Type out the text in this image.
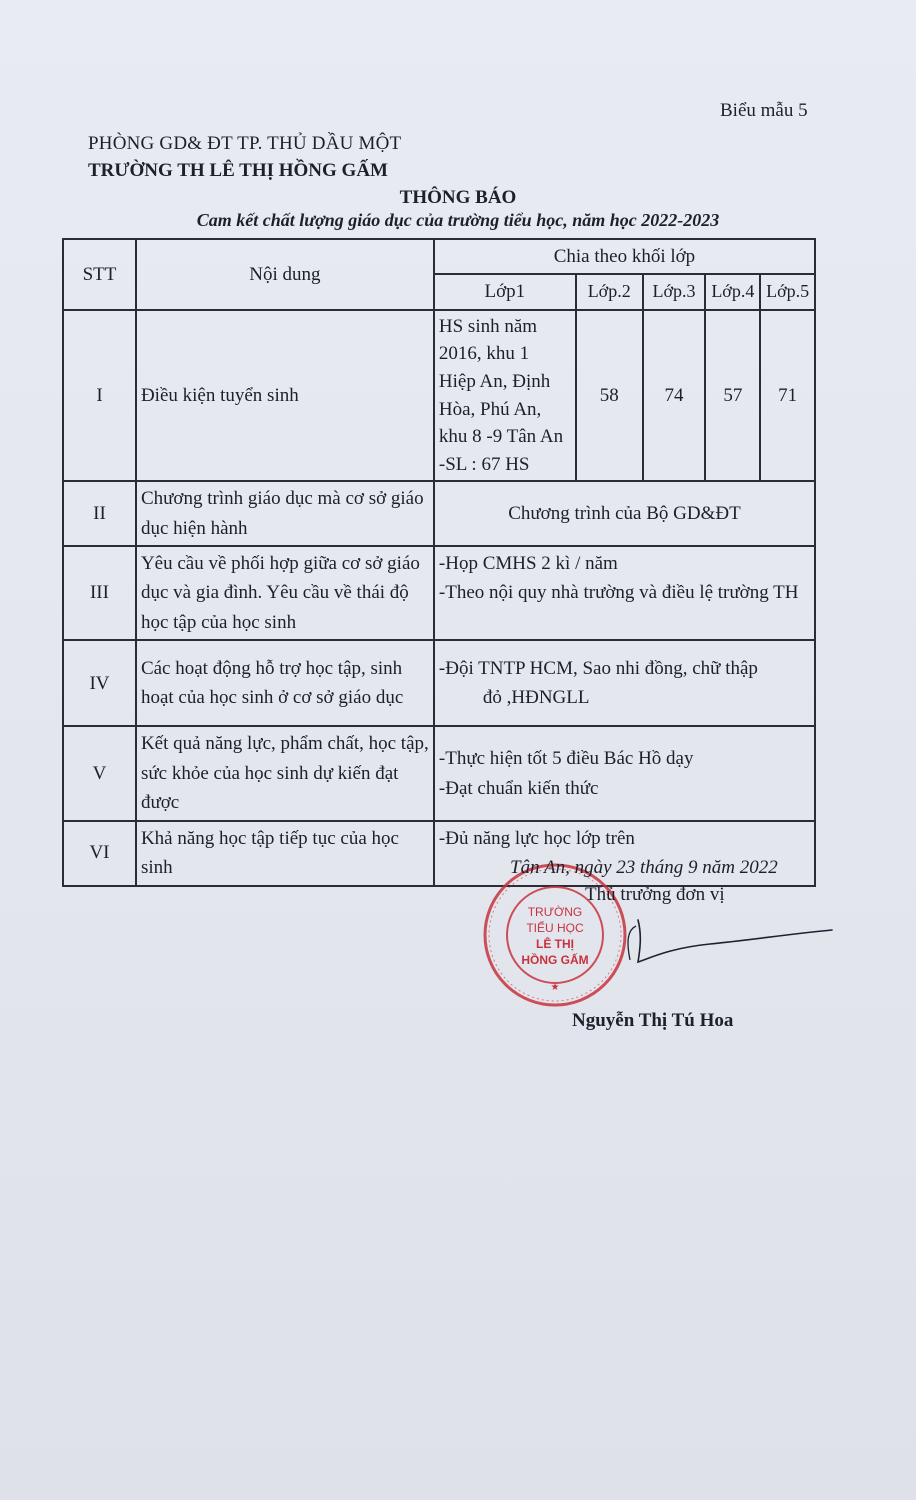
Biểu mẫu 5
PHÒNG GD& ĐT TP. THỦ DẦU MỘT
TRƯỜNG TH LÊ THỊ HỒNG GẤM
THÔNG BÁO
Cam kết chất lượng giáo dục của trường tiểu học, năm học 2022-2023
STT	Nội dung	Chia theo khối lớp				
		Lớp1	Lớp.2	Lớp.3	Lớp.4	Lớp.5
I	Điều kiện tuyển sinh	HS sinh năm 2016, khu 1 Hiệp An, Định Hòa, Phú An, khu 8 -9 Tân An -SL : 67 HS	58	74	57	71
II	Chương trình giáo dục mà cơ sở giáo dục hiện hành	Chương trình của Bộ GD&ĐT				
III	Yêu cầu về phối hợp giữa cơ sở giáo dục và gia đình. Yêu cầu về thái độ học tập của học sinh	-Họp CMHS 2 kì / năm
-Theo nội quy nhà trường và điều lệ trường TH				

IV	Các hoạt động hỗ trợ học tập, sinh hoạt của học sinh ở cơ sở giáo dục	-Đội TNTP HCM, Sao nhi đồng, chữ thập
đỏ ,HĐNGLL				

V	Kết quả năng lực, phẩm chất, học tập, sức khỏe của học sinh dự kiến đạt được	-Thực hiện tốt 5 điều Bác Hồ dạy
-Đạt chuẩn kiến thức				

VI	Khả năng học tập tiếp tục của học sinh	-Đủ năng lực học lớp trên				
TRƯỜNG
TIỂU HỌC
LÊ THỊ
HỒNG GẤM
★
Tân An, ngày 23 tháng 9 năm 2022
Thủ trưởng đơn vị
Nguyễn Thị Tú Hoa
